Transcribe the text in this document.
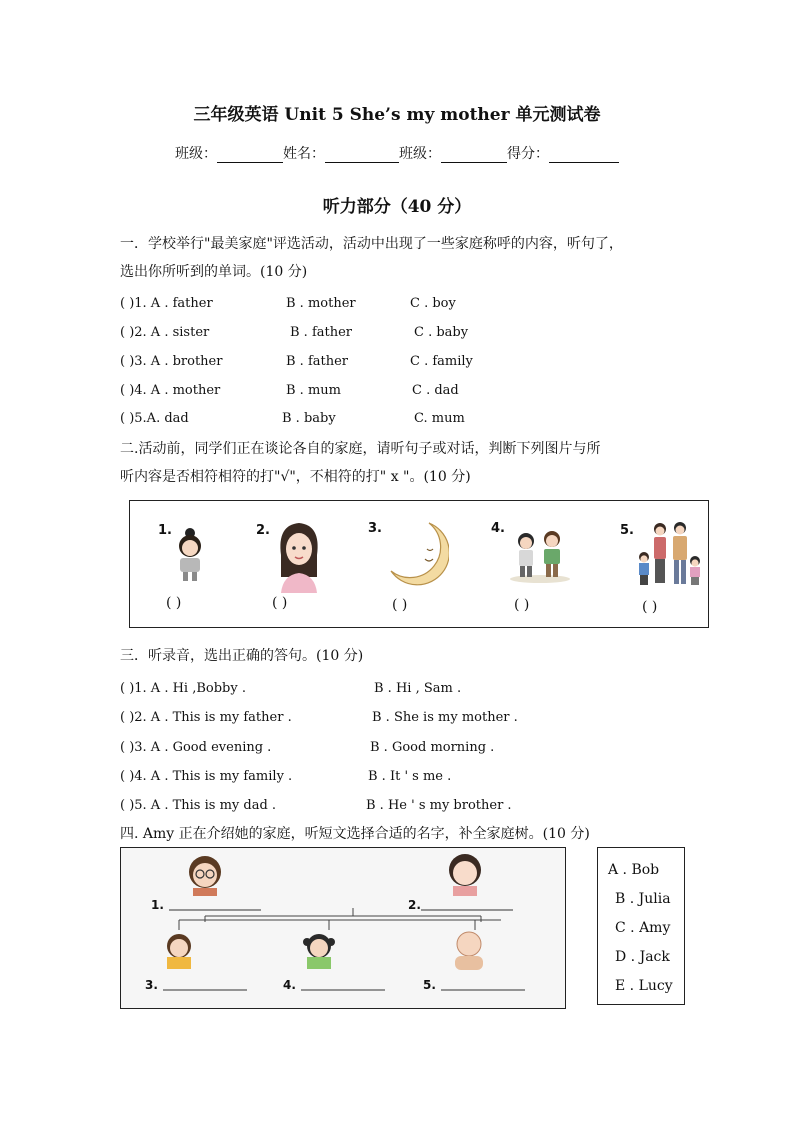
三年级英语 Unit 5 She’s my mother 单元测试卷
班级：	姓名：	班级：	得分：
听力部分（40 分）
一．学校举行"最美家庭"评选活动，活动中出现了一些家庭称呼的内容，听句了，
选出你所听到的单词。(10 分)
( )1. A . father	B . mother	C . boy
( )2. A . sister	B . father	C . baby
( )3. A . brother	B . father	C . family
( )4. A . mother	B . mum	C . dad
( )5.A. dad	B . baby	C. mum
二.活动前，同学们正在谈论各自的家庭，请听句子或对话，判断下列图片与所
听内容是否相符相符的打"√"，不相符的打" x "。(10 分)
1.
( )
2.
( )
3.
( )
4.
( )
5.
( )
三．听录音，选出正确的答句。(10 分)
( )1. A . Hi ,Bobby .	B . Hi , Sam .
( )2. A . This is my father .	B . She is my mother .
( )3. A . Good evening .	B . Good morning .
( )4. A . This is my family .	B . It ' s me .
( )5. A . This is my dad .	B . He ' s my brother .
四. Amy 正在介绍她的家庭，听短文选择合适的名字，补全家庭树。(10 分)
1.	2.
3.	4.	5.
A . Bob
B . Julia
C . Amy
D . Jack
E . Lucy
